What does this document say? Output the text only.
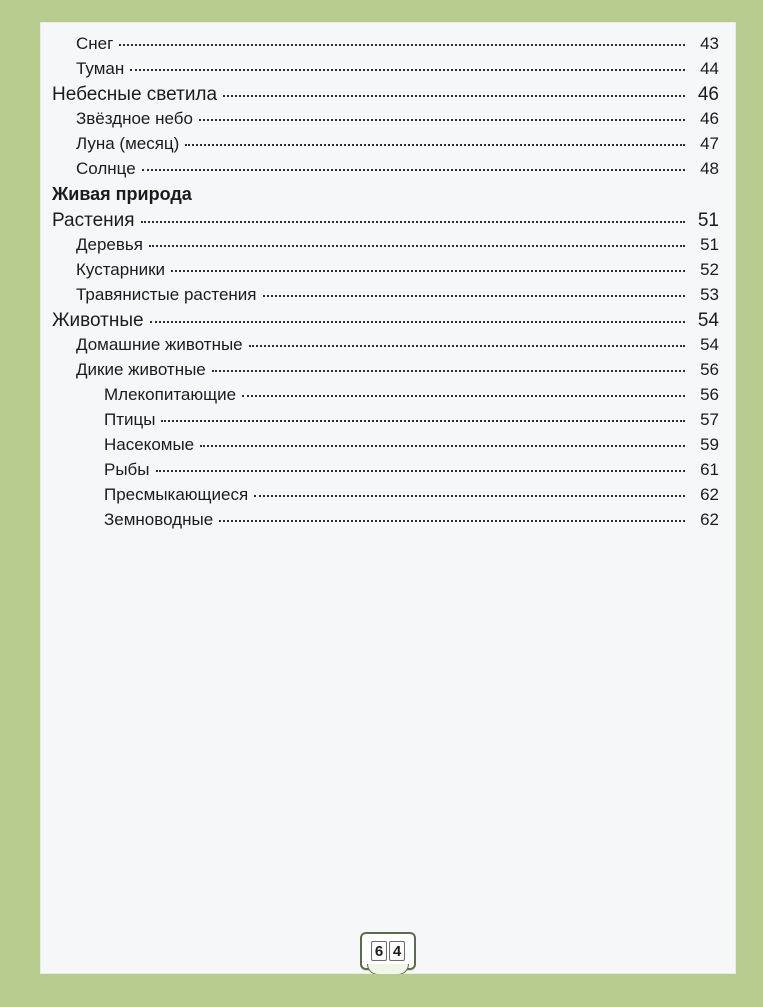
Снег	43
Туман	44
Небесные светила	46
Звёздное небо	46
Луна (месяц)	47
Солнце	48
Живая природа
Растения	51
Деревья	51
Кустарники	52
Травянистые растения	53
Животные	54
Домашние животные	54
Дикие животные	56
Млекопитающие	56
Птицы	57
Насекомые	59
Рыбы	61
Пресмыкающиеся	62
Земноводные	62
6 4
